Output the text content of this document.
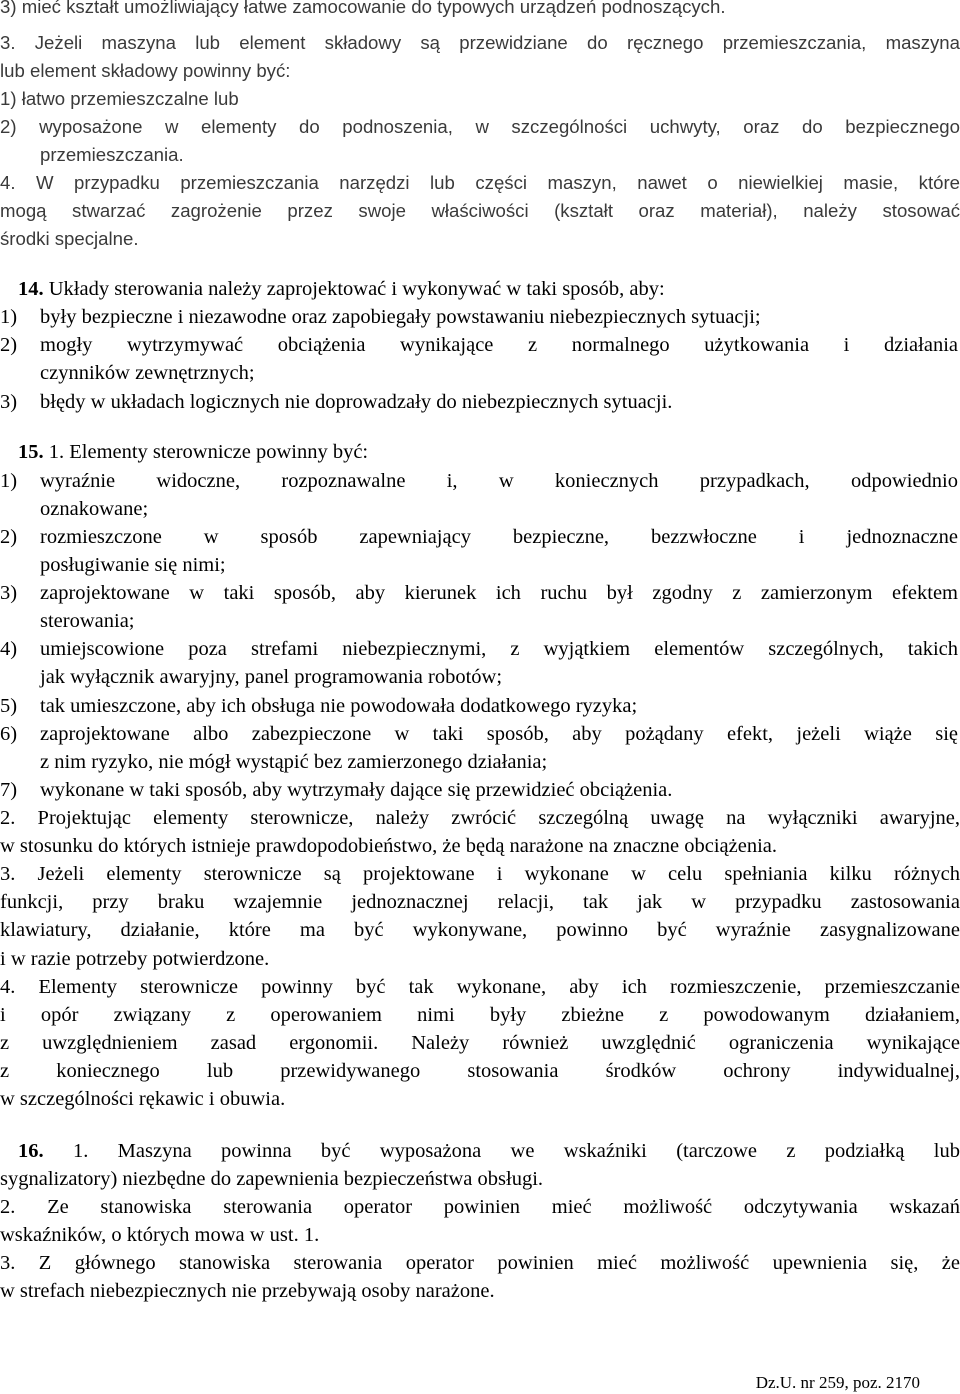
3) mieć kształt umożliwiający łatwe zamocowanie do typowych urządzeń podnoszących.
3. Jeżeli maszyna lub element składowy są przewidziane do ręcznego przemieszczania, maszyna
lub element składowy powinny być:
1) łatwo przemieszczalne lub
2) wyposażone w elementy do podnoszenia, w szczególności uchwyty, oraz do bezpiecznego
przemieszczania.
4. W przypadku przemieszczania narzędzi lub części maszyn, nawet o niewielkiej masie, które
mogą stwarzać zagrożenie przez swoje właściwości (kształt oraz materiał), należy stosować
środki specjalne.
14. Układy sterowania należy zaprojektować i wykonywać w taki sposób, aby:
1) były bezpieczne i niezawodne oraz zapobiegały powstawaniu niebezpiecznych sytuacji;
2) mogły wytrzymywać obciążenia wynikające z normalnego użytkowania i działania
czynników zewnętrznych;
3) błędy w układach logicznych nie doprowadzały do niebezpiecznych sytuacji.
15. 1. Elementy sterownicze powinny być:
1) wyraźnie widoczne, rozpoznawalne i, w koniecznych przypadkach, odpowiednio
oznakowane;
2) rozmieszczone w sposób zapewniający bezpieczne, bezzwłoczne i jednoznaczne
posługiwanie się nimi;
3) zaprojektowane w taki sposób, aby kierunek ich ruchu był zgodny z zamierzonym efektem
sterowania;
4) umiejscowione poza strefami niebezpiecznymi, z wyjątkiem elementów szczególnych, takich
jak wyłącznik awaryjny, panel programowania robotów;
5) tak umieszczone, aby ich obsługa nie powodowała dodatkowego ryzyka;
6) zaprojektowane albo zabezpieczone w taki sposób, aby pożądany efekt, jeżeli wiąże się
z nim ryzyko, nie mógł wystąpić bez zamierzonego działania;
7) wykonane w taki sposób, aby wytrzymały dające się przewidzieć obciążenia.
2. Projektując elementy sterownicze, należy zwrócić szczególną uwagę na wyłączniki awaryjne,
w stosunku do których istnieje prawdopodobieństwo, że będą narażone na znaczne obciążenia.
3. Jeżeli elementy sterownicze są projektowane i wykonane w celu spełniania kilku różnych
funkcji, przy braku wzajemnie jednoznacznej relacji, tak jak w przypadku zastosowania
klawiatury, działanie, które ma być wykonywane, powinno być wyraźnie zasygnalizowane
i w razie potrzeby potwierdzone.
4. Elementy sterownicze powinny być tak wykonane, aby ich rozmieszczenie, przemieszczanie
i opór związany z operowaniem nimi były zbieżne z powodowanym działaniem,
z uwzględnieniem zasad ergonomii. Należy również uwzględnić ograniczenia wynikające
z koniecznego lub przewidywanego stosowania środków ochrony indywidualnej,
w szczególności rękawic i obuwia.
16. 1. Maszyna powinna być wyposażona we wskaźniki (tarczowe z podziałką lub
sygnalizatory) niezbędne do zapewnienia bezpieczeństwa obsługi.
2. Ze stanowiska sterowania operator powinien mieć możliwość odczytywania wskazań
wskaźników, o których mowa w ust. 1.
3. Z głównego stanowiska sterowania operator powinien mieć możliwość upewnienia się, że
w strefach niebezpiecznych nie przebywają osoby narażone.
Dz.U. nr 259, poz. 2170
